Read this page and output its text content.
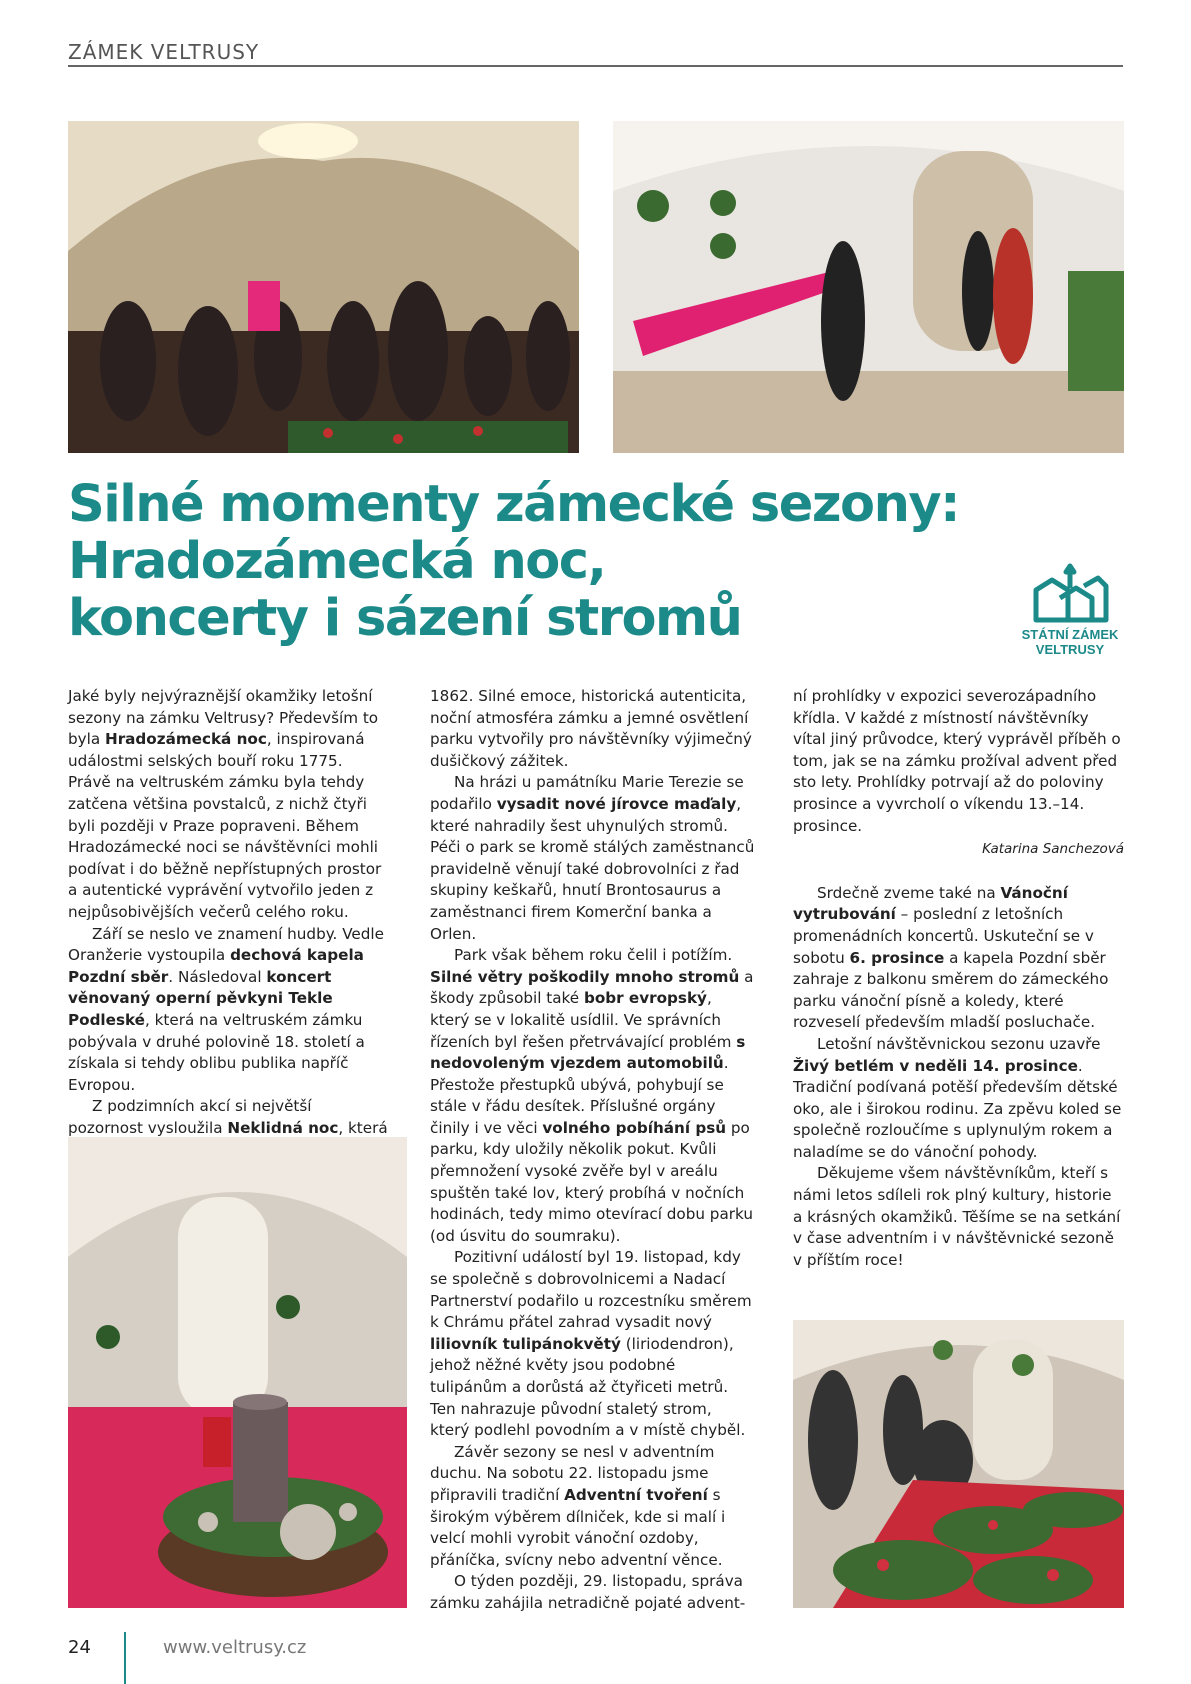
ZÁMEK VELTRUSY
Silné momenty zámecké sezony:
Hradozámecká noc,
koncerty i sázení stromů	STÁTNÍ ZÁMEK
VELTRUSY

Jaké byly nejvýraznější okamžiky letošní sezony na zámku Veltrusy? Především to byla Hradozámecká noc, inspirovaná událostmi selských bouří roku 1775. Právě na veltruském zámku byla tehdy zatčena většina povstalců, z nichž čtyři byli později v Praze popraveni. Během Hradozámecké noci se návštěvníci mohli podívat i do běžně nepřístupných prostor a autentické vyprávění vytvořilo jeden z nejpůsobivějších večerů celého roku.

Září se neslo ve znamení hudby. Vedle Oranžerie vystoupila dechová kapela Pozdní sběr. Následoval koncert věnovaný operní pěvkyni Tekle Podleské, která na veltruském zámku pobývala v druhé polovině 18. století a získala si tehdy oblibu publika napříč Evropou.

Z podzimních akcí si největší pozornost vysloužila Neklidná noc, která

1862. Silné emoce, historická autenticita, noční atmosféra zámku a jemné osvětlení parku vytvořily pro návštěvníky výjimečný dušičkový zážitek.

Na hrázi u památníku Marie Terezie se podařilo vysadit nové jírovce maďaly, které nahradily šest uhynulých stromů. Péči o park se kromě stálých zaměstnanců pravidelně věnují také dobrovolníci z řad skupiny keškařů, hnutí Brontosaurus a zaměstnanci firem Komerční banka a Orlen.

Park však během roku čelil i potížím. Silné větry poškodily mnoho stromů a škody způsobil také bobr evropský, který se v lokalitě usídlil. Ve správních řízeních byl řešen přetrvávající problém s nedovoleným vjezdem automobilů. Přestože přestupků ubývá, pohybují se stále v řádu desítek. Příslušné orgány činily i ve věci volného pobíhání psů po parku, kdy uložily několik pokut. Kvůli přemnožení vysoké zvěře byl v areálu spuštěn také lov, který probíhá v nočních hodinách, tedy mimo otevírací dobu parku (od úsvitu do soumraku).

Pozitivní událostí byl 19. listopad, kdy se společně s dobrovolnicemi a Nadací Partnerství podařilo u rozcestníku směrem k Chrámu přátel zahrad vysadit nový liliovník tulipánokvětý (liriodendron), jehož něžné květy jsou podobné tulipánům a dorůstá až čtyřiceti metrů. Ten nahrazuje původní staletý strom, který podlehl povodním a v místě chyběl.

Závěr sezony se nesl v adventním duchu. Na sobotu 22. listopadu jsme připravili tradiční Adventní tvoření s širokým výběrem dílniček, kde si malí i velcí mohli vyrobit vánoční ozdoby, přáníčka, svícny nebo adventní věnce.

O týden později, 29. listopadu, správa zámku zahájila netradičně pojaté advent-

ní prohlídky v expozici severozápadního křídla. V každé z místností návštěvníky vítal jiný průvodce, který vyprávěl příběh o tom, jak se na zámku prožíval advent před sto lety. Prohlídky potrvají až do poloviny prosince a vyvrcholí o víkendu 13.–14. prosince.

Katarina Sanchezová

Srdečně zveme také na Vánoční vytrubování – poslední z letošních promenádních koncertů. Uskuteční se v sobotu 6. prosince a kapela Pozdní sběr zahraje z balkonu směrem do zámeckého parku vánoční písně a koledy, které rozveselí především mladší posluchače.

Letošní návštěvnickou sezonu uzavře Živý betlém v neděli 14. prosince. Tradiční podívaná potěší především dětské oko, ale i širokou rodinu. Za zpěvu koled se společně rozloučíme s uplynulým rokem a naladíme se do vánoční pohody.

Děkujeme všem návštěvníkům, kteří s námi letos sdíleli rok plný kultury, historie a krásných okamžiků. Těšíme se na setkání v čase adventním i v návštěvnické sezoně v příštím roce!

24	www.veltrusy.cz
